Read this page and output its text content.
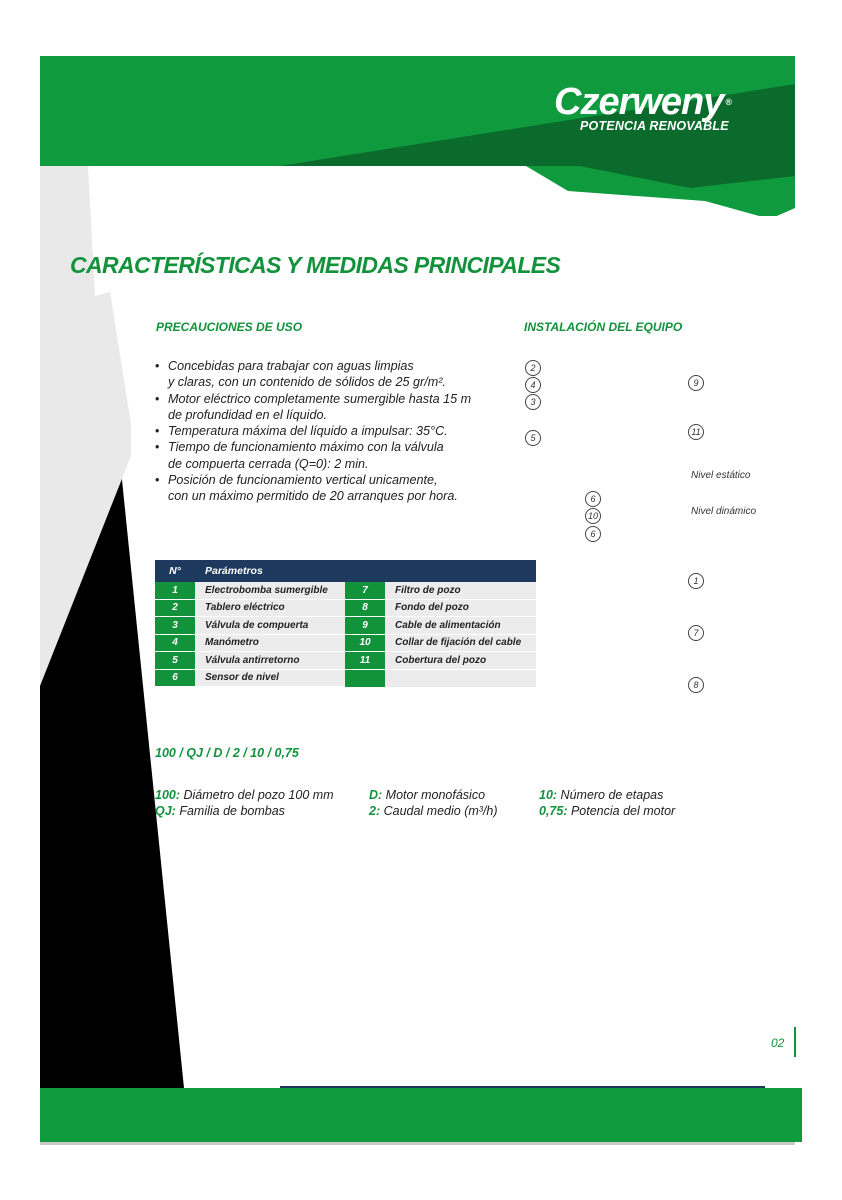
Czerweny ®
POTENCIA RENOVABLE
CARACTERÍSTICAS Y MEDIDAS PRINCIPALES
PRECAUCIONES DE USO
• Concebidas para trabajar con aguas limpias
y claras, con un contenido de sólidos de 25 gr/m².
• Motor eléctrico completamente sumergible hasta 15 m
de profundidad en el líquido.
• Temperatura máxima del líquido a impulsar: 35°C.
• Tiempo de funcionamiento máximo con la válvula
de compuerta cerrada (Q=0): 2 min.
• Posición de funcionamiento vertical unicamente,
con un máximo permitido de 20 arranques por hora.
INSTALACIÓN DEL EQUIPO
2
4
3
5
9
11
Nivel estático
6
Nivel dinámico
10
6
1
7
8
N°	Parámetros		
1	Electrobomba sumergible	7	Filtro de pozo
2	Tablero eléctrico	8	Fondo del pozo
3	Válvula de compuerta	9	Cable de alimentación
4	Manómetro	10	Collar de fijación del cable
5	Válvula antirretorno	11	Cobertura del pozo
6	Sensor de nivel		
100 / QJ / D / 2 / 10 / 0,75
100: Diámetro del pozo 100 mm
QJ: Familia de bombas
D: Motor monofásico
2: Caudal medio (m³/h)
10: Número de etapas
0,75: Potencia del motor
02
